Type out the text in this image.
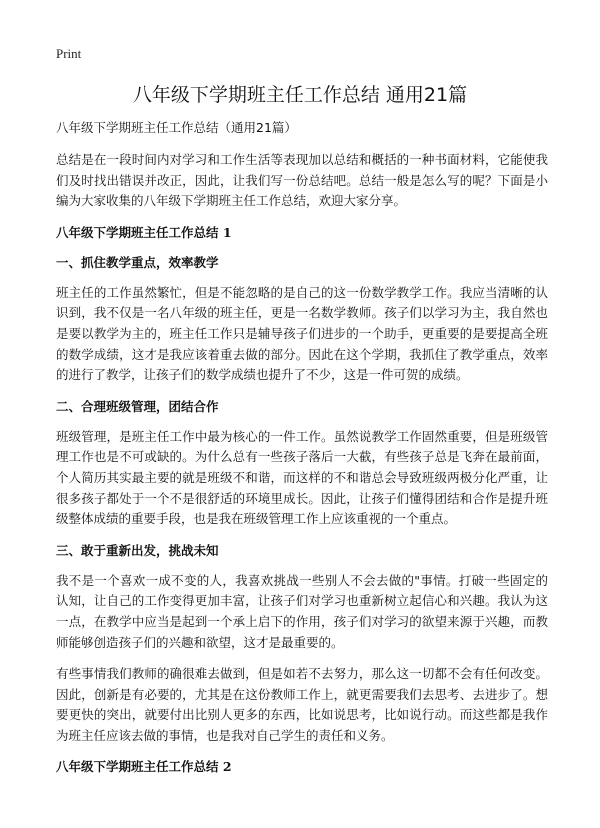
Print
八年级下学期班主任工作总结 通用21篇
八年级下学期班主任工作总结（通用21篇）

总结是在一段时间内对学习和工作生活等表现加以总结和概括的一种书面材料，它能使我们及时找出错误并改正，因此，让我们写一份总结吧。总结一般是怎么写的呢？下面是小编为大家收集的八年级下学期班主任工作总结，欢迎大家分享。

八年级下学期班主任工作总结 1
一、抓住教学重点，效率教学

班主任的工作虽然繁忙，但是不能忽略的是自己的这一份数学教学工作。我应当清晰的认识到，我不仅是一名八年级的班主任，更是一名数学教师。孩子们以学习为主，我自然也是要以教学为主的，班主任工作只是辅导孩子们进步的一个助手，更重要的是要提高全班的数学成绩，这才是我应该着重去做的部分。因此在这个学期，我抓住了教学重点，效率的进行了教学，让孩子们的数学成绩也提升了不少，这是一件可贺的成绩。

二、合理班级管理，团结合作

班级管理，是班主任工作中最为核心的一件工作。虽然说教学工作固然重要，但是班级管理工作也是不可或缺的。为什么总有一些孩子落后一大截，有些孩子总是飞奔在最前面，个人简历其实最主要的就是班级不和谐，而这样的不和谐总会导致班级两极分化严重，让很多孩子都处于一个不是很舒适的环境里成长。因此，让孩子们懂得团结和合作是提升班级整体成绩的重要手段，也是我在班级管理工作上应该重视的一个重点。

三、敢于重新出发，挑战未知

我不是一个喜欢一成不变的人，我喜欢挑战一些别人不会去做的"事情。打破一些固定的认知，让自己的工作变得更加丰富，让孩子们对学习也重新树立起信心和兴趣。我认为这一点，在教学中应当是起到一个承上启下的作用，孩子们对学习的欲望来源于兴趣，而教师能够创造孩子们的兴趣和欲望，这才是最重要的。

有些事情我们教师的确很难去做到，但是如若不去努力，那么这一切都不会有任何改变。因此，创新是有必要的，尤其是在这份教师工作上，就更需要我们去思考、去进步了。想要更快的突出，就要付出比别人更多的东西，比如说思考，比如说行动。而这些都是我作为班主任应该去做的事情，也是我对自己学生的责任和义务。

八年级下学期班主任工作总结 2
